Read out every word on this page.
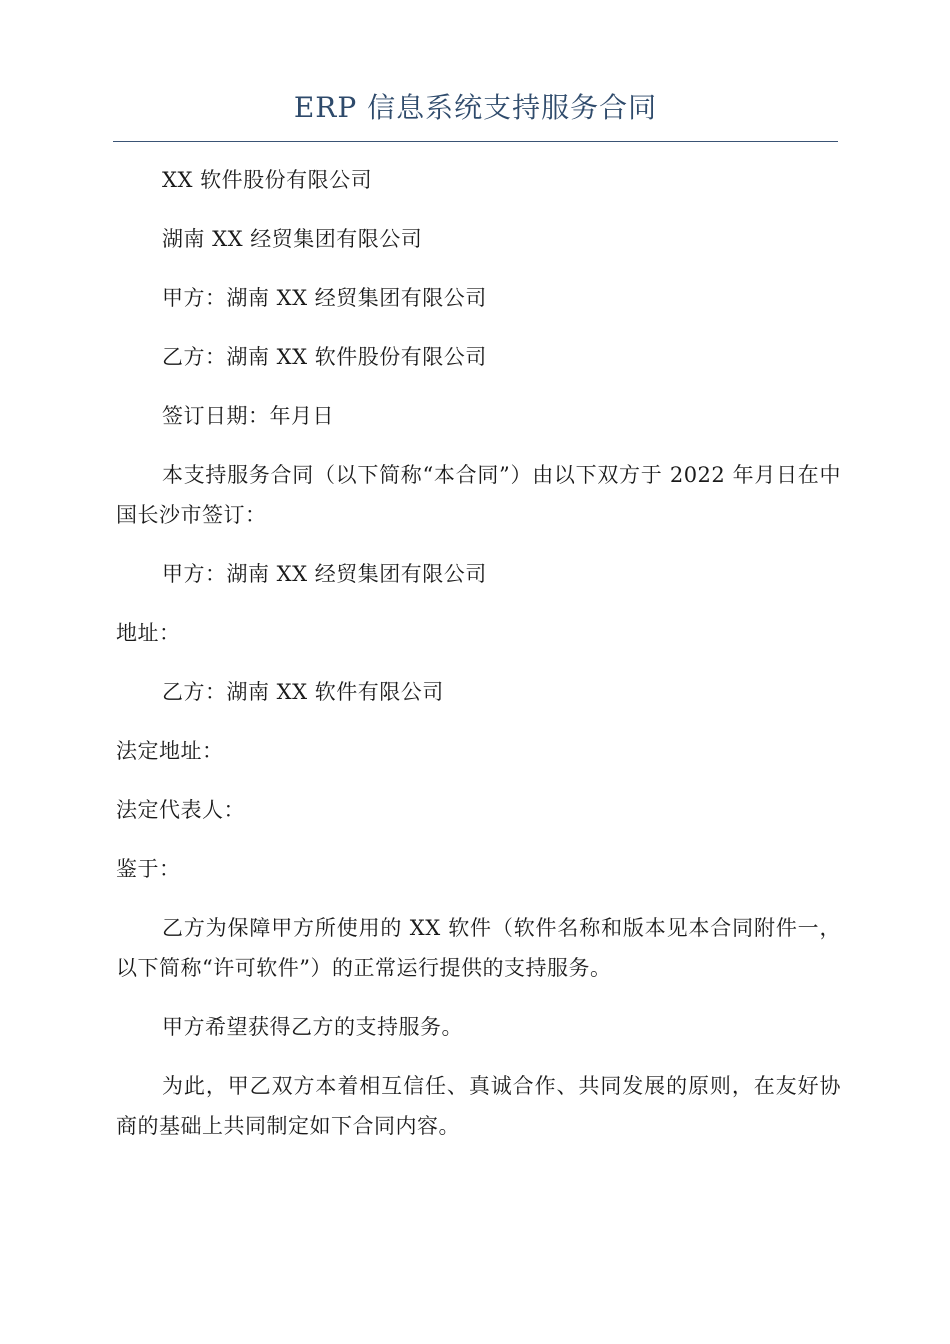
ERP 信息系统支持服务合同

XX 软件股份有限公司

湖南 XX 经贸集团有限公司

甲方：湖南 XX 经贸集团有限公司

乙方：湖南 XX 软件股份有限公司

签订日期：年月日

本支持服务合同（以下简称“本合同”）由以下双方于 2022 年月日在中国长沙市签订：

甲方：湖南 XX 经贸集团有限公司

地址：

乙方：湖南 XX 软件有限公司

法定地址：

法定代表人：

鉴于：

乙方为保障甲方所使用的 XX 软件（软件名称和版本见本合同附件一，以下简称“许可软件”）的正常运行提供的支持服务。

甲方希望获得乙方的支持服务。

为此，甲乙双方本着相互信任、真诚合作、共同发展的原则，在友好协商的基础上共同制定如下合同内容。
